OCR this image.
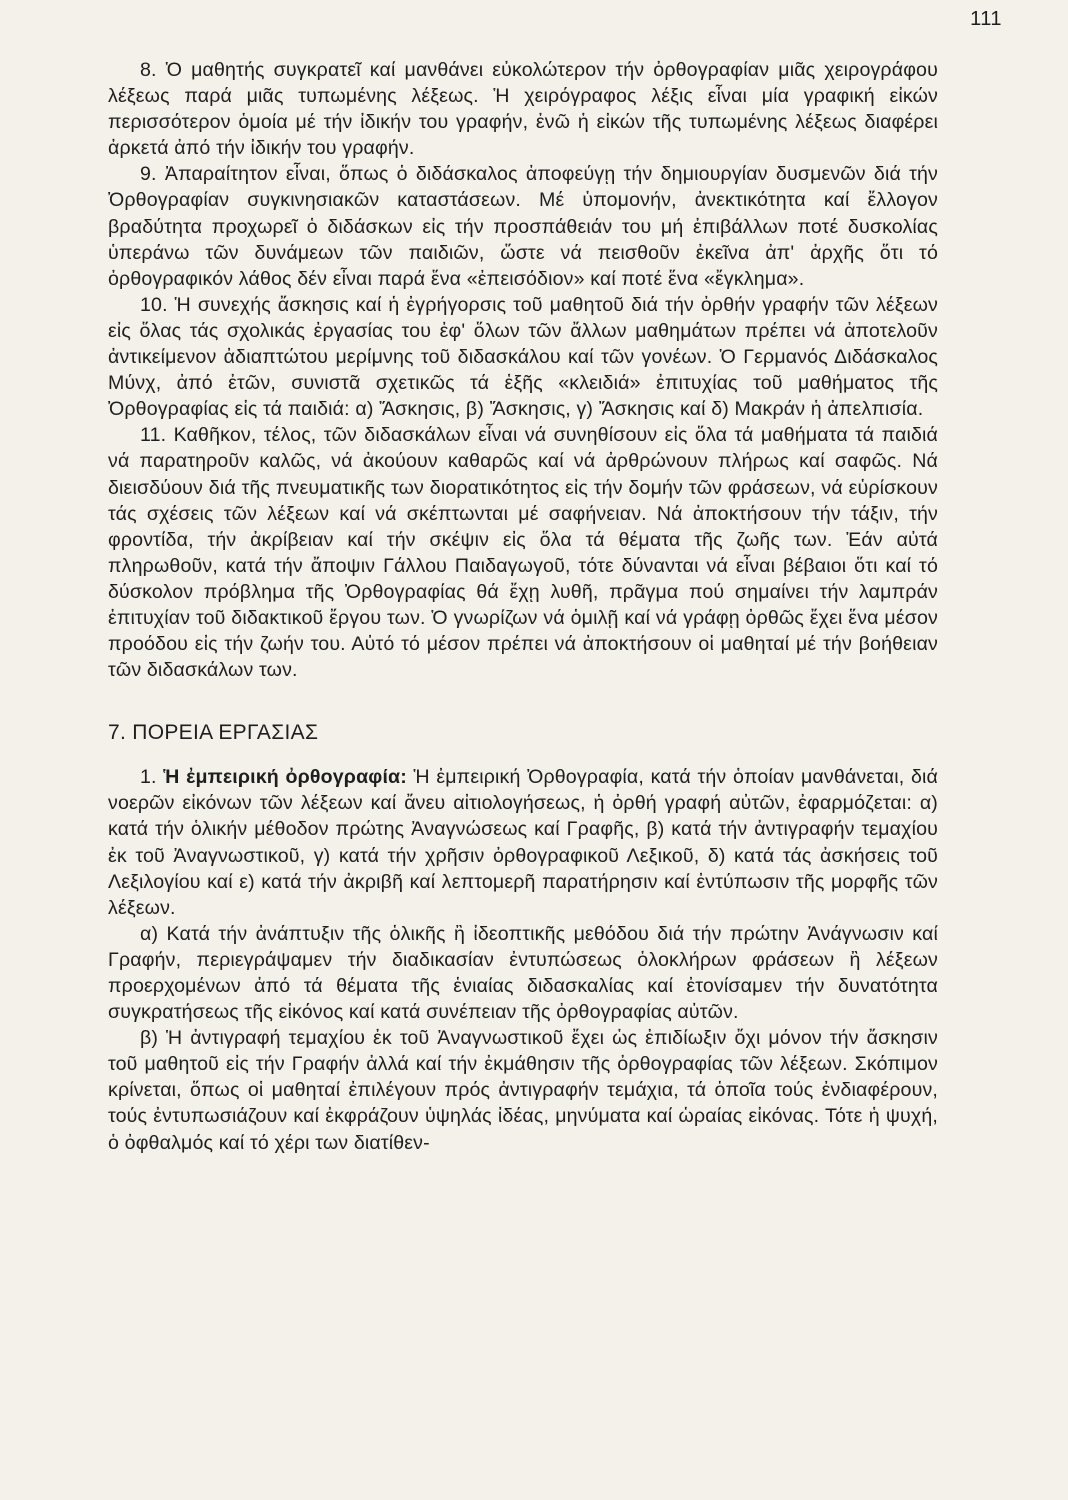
111

8. Ὁ μαθητής συγκρατεῖ καί μανθάνει εὐκολώτερον τήν ὀρθογραφίαν μιᾶς χειρογράφου λέξεως παρά μιᾶς τυπωμένης λέξεως. Ἡ χειρόγραφος λέξις εἶναι μία γραφική εἰκών περισσότερον ὁμοία μέ τήν ἰδικήν του γραφήν, ἐνῶ ἡ εἰκών τῆς τυπωμένης λέξεως διαφέρει ἀρκετά ἀπό τήν ἰδικήν του γραφήν.

9. Ἀπαραίτητον εἶναι, ὅπως ὁ διδάσκαλος ἀποφεύγῃ τήν δημιουργίαν δυσμενῶν διά τήν Ὀρθογραφίαν συγκινησιακῶν καταστάσεων. Μέ ὑπομονήν, ἀνεκτικότητα καί ἔλλογον βραδύτητα προχωρεῖ ὁ διδάσκων εἰς τήν προσπάθειάν του μή ἐπιβάλλων ποτέ δυσκολίας ὑπεράνω τῶν δυνάμεων τῶν παιδιῶν, ὥστε νά πεισθοῦν ἐκεῖνα ἀπ' ἀρχῆς ὅτι τό ὀρθογραφικόν λάθος δέν εἶναι παρά ἕνα «ἐπεισόδιον» καί ποτέ ἕνα «ἔγκλημα».

10. Ἡ συνεχής ἄσκησις καί ἡ ἐγρήγορσις τοῦ μαθητοῦ διά τήν ὀρθήν γραφήν τῶν λέξεων εἰς ὅλας τάς σχολικάς ἐργασίας του ἐφ' ὅλων τῶν ἄλλων μαθημάτων πρέπει νά ἀποτελοῦν ἀντικείμενον ἀδιαπτώτου μερίμνης τοῦ διδασκάλου καί τῶν γονέων. Ὁ Γερμανός Διδάσκαλος Μύνχ, ἀπό ἐτῶν, συνιστᾶ σχετικῶς τά ἑξῆς «κλειδιά» ἐπιτυχίας τοῦ μαθήματος τῆς Ὀρθογραφίας εἰς τά παιδιά: α) Ἄσκησις, β) Ἄσκησις, γ) Ἄσκησις καί δ) Μακράν ἡ ἀπελπισία.

11. Καθῆκον, τέλος, τῶν διδασκάλων εἶναι νά συνηθίσουν εἰς ὅλα τά μαθήματα τά παιδιά νά παρατηροῦν καλῶς, νά ἀκούουν καθαρῶς καί νά ἀρθρώνουν πλήρως καί σαφῶς. Νά διεισδύουν διά τῆς πνευματικῆς των διορατικότητος εἰς τήν δομήν τῶν φράσεων, νά εὑρίσκουν τάς σχέσεις τῶν λέξεων καί νά σκέπτωνται μέ σαφήνειαν. Νά ἀποκτήσουν τήν τάξιν, τήν φροντίδα, τήν ἀκρίβειαν καί τήν σκέψιν εἰς ὅλα τά θέματα τῆς ζωῆς των. Ἐάν αὐτά πληρωθοῦν, κατά τήν ἄποψιν Γάλλου Παιδαγωγοῦ, τότε δύνανται νά εἶναι βέβαιοι ὅτι καί τό δύσκολον πρόβλημα τῆς Ὀρθογραφίας θά ἔχῃ λυθῆ, πρᾶγμα πού σημαίνει τήν λαμπράν ἐπιτυχίαν τοῦ διδακτικοῦ ἔργου των. Ὁ γνωρίζων νά ὁμιλῇ καί νά γράφῃ ὀρθῶς ἔχει ἕνα μέσον προόδου εἰς τήν ζωήν του. Αὐτό τό μέσον πρέπει νά ἀποκτήσουν οἱ μαθηταί μέ τήν βοήθειαν τῶν διδασκάλων των.

7. ΠΟΡΕΙΑ ΕΡΓΑΣΙΑΣ

1. Ἡ ἐμπειρική ὀρθογραφία: Ἡ ἐμπειρική Ὀρθογραφία, κατά τήν ὁποίαν μανθάνεται, διά νοερῶν εἰκόνων τῶν λέξεων καί ἄνευ αἰτιολογήσεως, ἡ ὀρθή γραφή αὐτῶν, ἐφαρμόζεται: α) κατά τήν ὁλικήν μέθοδον πρώτης Ἀναγνώσεως καί Γραφῆς, β) κατά τήν ἀντιγραφήν τεμαχίου ἐκ τοῦ Ἀναγνωστικοῦ, γ) κατά τήν χρῆσιν ὀρθογραφικοῦ Λεξικοῦ, δ) κατά τάς ἀσκήσεις τοῦ Λεξιλογίου καί ε) κατά τήν ἀκριβῆ καί λεπτομερῆ παρατήρησιν καί ἐντύπωσιν τῆς μορφῆς τῶν λέξεων.

α) Κατά τήν ἀνάπτυξιν τῆς ὁλικῆς ἢ ἰδεοπτικῆς μεθόδου διά τήν πρώτην Ἀνάγνωσιν καί Γραφήν, περιεγράψαμεν τήν διαδικασίαν ἐντυπώσεως ὁλοκλήρων φράσεων ἢ λέξεων προερχομένων ἀπό τά θέματα τῆς ἑνιαίας διδασκαλίας καί ἐτονίσαμεν τήν δυνατότητα συγκρατήσεως τῆς εἰκόνος καί κατά συνέπειαν τῆς ὀρθογραφίας αὐτῶν.

β) Ἡ ἀντιγραφή τεμαχίου ἐκ τοῦ Ἀναγνωστικοῦ ἔχει ὡς ἐπιδίωξιν ὄχι μόνον τήν ἄσκησιν τοῦ μαθητοῦ εἰς τήν Γραφήν ἀλλά καί τήν ἐκμάθησιν τῆς ὀρθογραφίας τῶν λέξεων. Σκόπιμον κρίνεται, ὅπως οἱ μαθηταί ἐπιλέγουν πρός ἀντιγραφήν τεμάχια, τά ὁποῖα τούς ἐνδιαφέρουν, τούς ἐντυπωσιάζουν καί ἐκφράζουν ὑψηλάς ἰδέας, μηνύματα καί ὡραίας εἰκόνας. Τότε ἡ ψυχή, ὁ ὀφθαλμός καί τό χέρι των διατίθεν-
